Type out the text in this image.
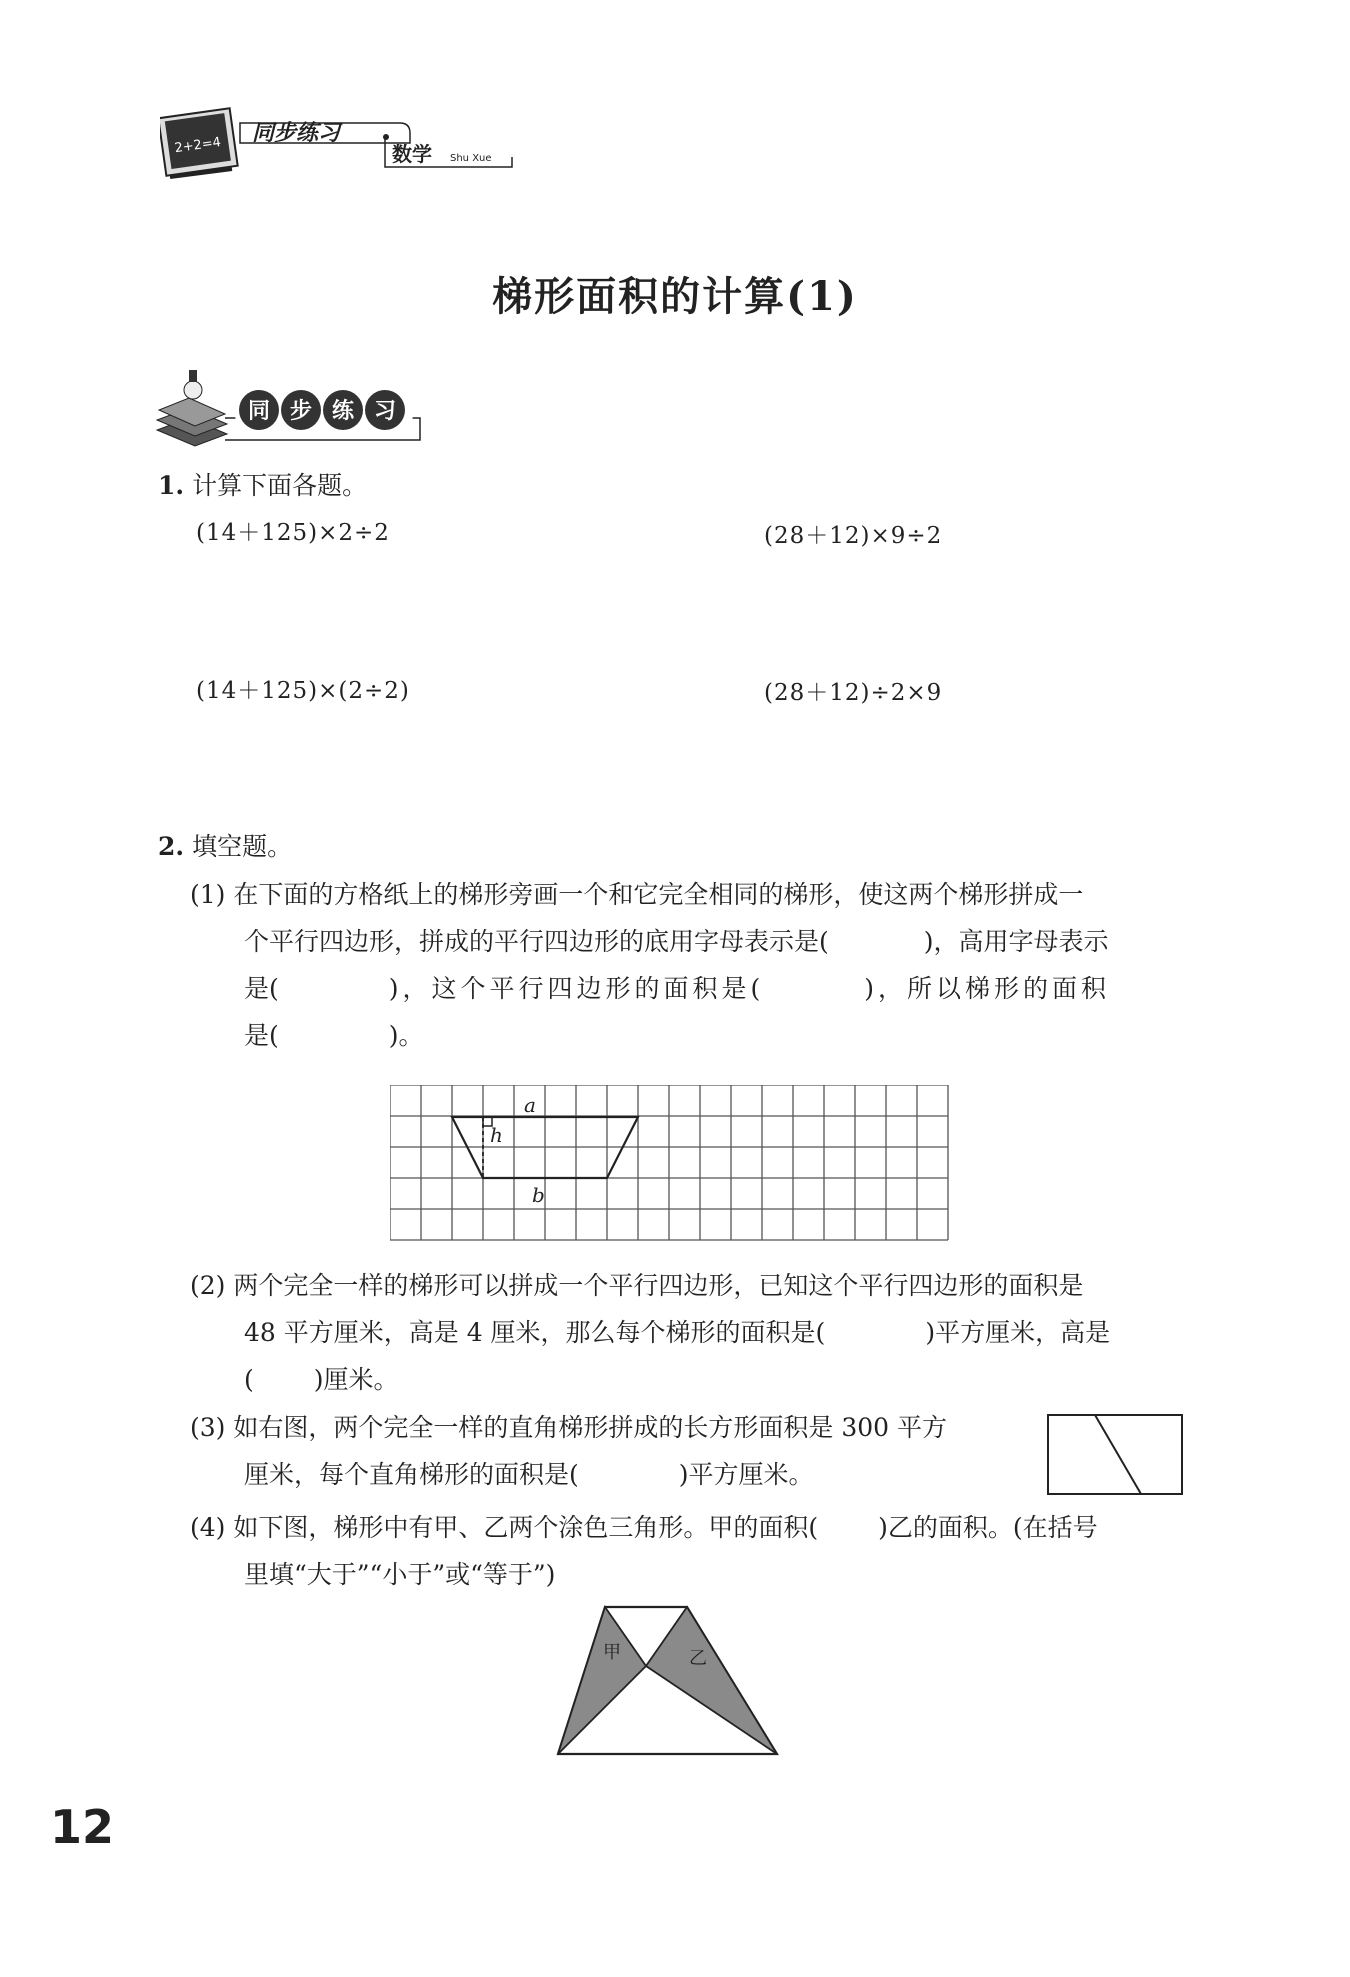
2+2=4 同步练习
数学 Shu Xue
梯形面积的计算(1)
同步练习
1. 计算下面各题。
(14＋125)×2÷2	(28＋12)×9÷2
(14＋125)×(2÷2)	(28＋12)÷2×9
2. 填空题。
(1) 在下面的方格纸上的梯形旁画一个和它完全相同的梯形，使这两个梯形拼成一
个平行四边形，拼成的平行四边形的底用字母表示是(	)，高用字母表示
是(	)，这个平行四边形的面积是(	)，所以梯形的面积
是(	)。
a
h
b
(2) 两个完全一样的梯形可以拼成一个平行四边形，已知这个平行四边形的面积是
48 平方厘米，高是 4 厘米，那么每个梯形的面积是(	)平方厘米，高是
( )厘米。
(3) 如右图，两个完全一样的直角梯形拼成的长方形面积是 300 平方
厘米，每个直角梯形的面积是(	)平方厘米。
(4) 如下图，梯形中有甲、乙两个涂色三角形。甲的面积( )乙的面积。(在括号
里填“大于”“小于”或“等于”)
甲	乙
12
